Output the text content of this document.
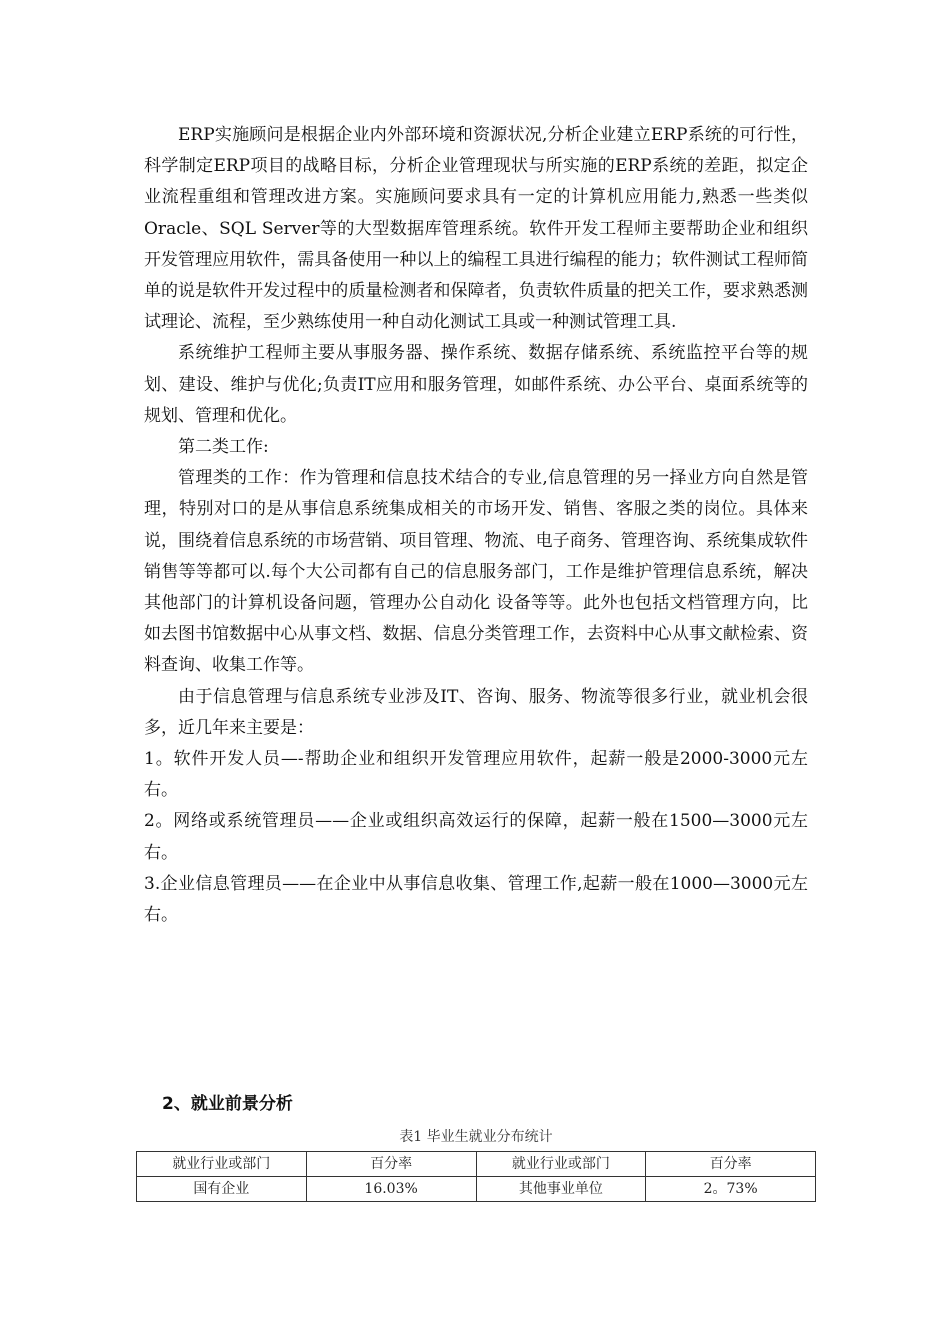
ERP实施顾问是根据企业内外部环境和资源状况,分析企业建立ERP系统的可行性，科学制定ERP项目的战略目标，分析企业管理现状与所实施的ERP系统的差距，拟定企业流程重组和管理改进方案。实施顾问要求具有一定的计算机应用能力,熟悉一些类似Oracle、SQL Server等的大型数据库管理系统。软件开发工程师主要帮助企业和组织开发管理应用软件，需具备使用一种以上的编程工具进行编程的能力；软件测试工程师简单的说是软件开发过程中的质量检测者和保障者，负责软件质量的把关工作，要求熟悉测试理论、流程，至少熟练使用一种自动化测试工具或一种测试管理工具.

系统维护工程师主要从事服务器、操作系统、数据存储系统、系统监控平台等的规划、建设、维护与优化;负责IT应用和服务管理，如邮件系统、办公平台、桌面系统等的规划、管理和优化。

第二类工作:

管理类的工作：作为管理和信息技术结合的专业,信息管理的另一择业方向自然是管 理，特别对口的是从事信息系统集成相关的市场开发、销售、客服之类的岗位。具体来说，围绕着信息系统的市场营销、项目管理、物流、电子商务、管理咨询、系统集成软件销售等等都可以.每个大公司都有自己的信息服务部门，工作是维护管理信息系统，解决其他部门的计算机设备问题，管理办公自动化 设备等等。此外也包括文档管理方向，比如去图书馆数据中心从事文档、数据、信息分类管理工作，去资料中心从事文献检索、资料查询、收集工作等。

由于信息管理与信息系统专业涉及IT、咨询、服务、物流等很多行业，就业机会很多，近几年来主要是：

1。软件开发人员—-帮助企业和组织开发管理应用软件，起薪一般是2000-3000元左右。

2。网络或系统管理员——企业或组织高效运行的保障，起薪一般在1500—3000元左右。

3.企业信息管理员——在企业中从事信息收集、管理工作,起薪一般在1000—3000元左右。

2、就业前景分析
表1 毕业生就业分布统计
就业行业或部门	百分率	就业行业或部门	百分率
国有企业	16.03%	其他事业单位	2。73%
